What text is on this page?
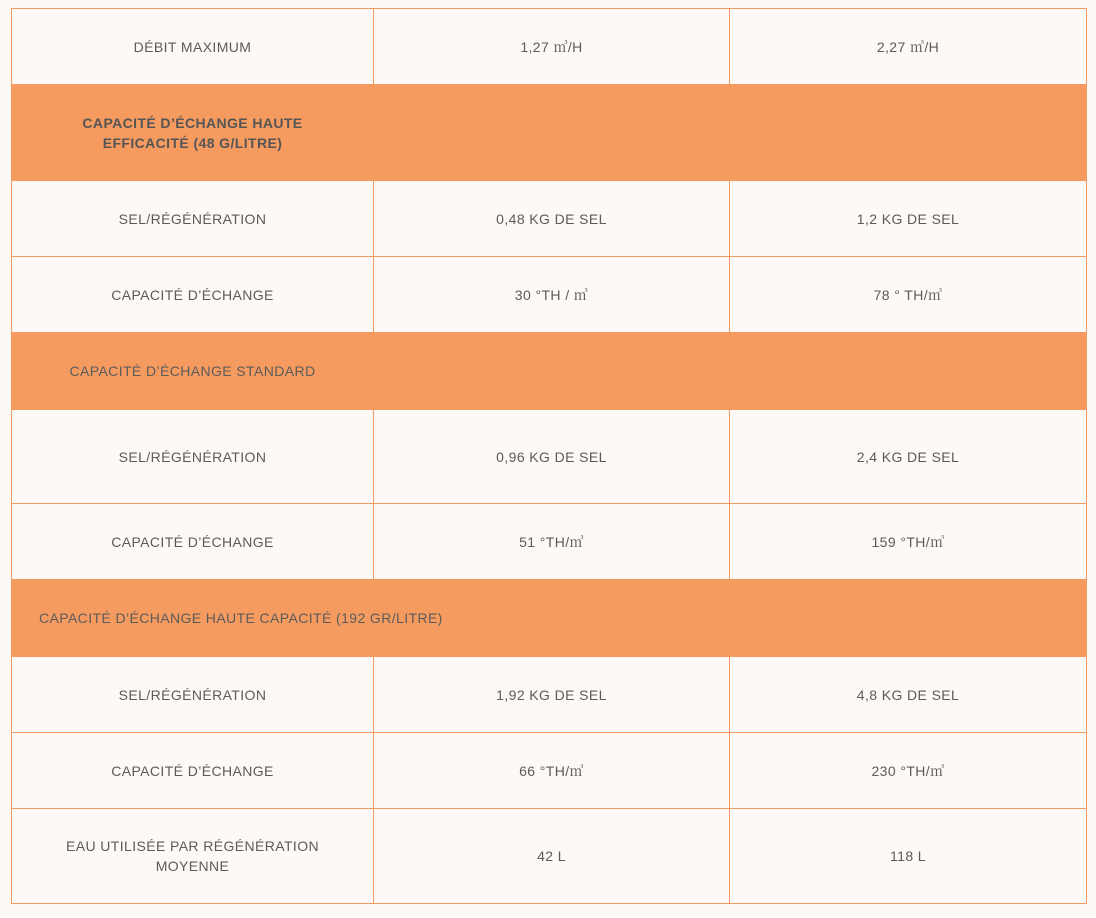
DÉBIT MAXIMUM	1,27 ㎥/H	2,27 ㎥/H
CAPACITÉ D’ÉCHANGE HAUTE
EFFICACITÉ (48 G/LITRE)		
SEL/RÉGÉNÉRATION	0,48 KG DE SEL	1,2 KG DE SEL
CAPACITÉ D’ÉCHANGE	30 °TH / ㎥	78 ° TH/㎥
CAPACITÉ D’ÉCHANGE STANDARD		
SEL/RÉGÉNÉRATION	0,96 KG DE SEL	2,4 KG DE SEL
CAPACITÉ D’ÉCHANGE	51 °TH/㎥	159 °TH/㎥
CAPACITÉ D’ÉCHANGE HAUTE CAPACITÉ (192 GR/LITRE)		
SEL/RÉGÉNÉRATION	1,92 KG DE SEL	4,8 KG DE SEL
CAPACITÉ D’ÉCHANGE	66 °TH/㎥	230 °TH/㎥
EAU UTILISÉE PAR RÉGÉNÉRATION
MOYENNE	42 L	118 L
